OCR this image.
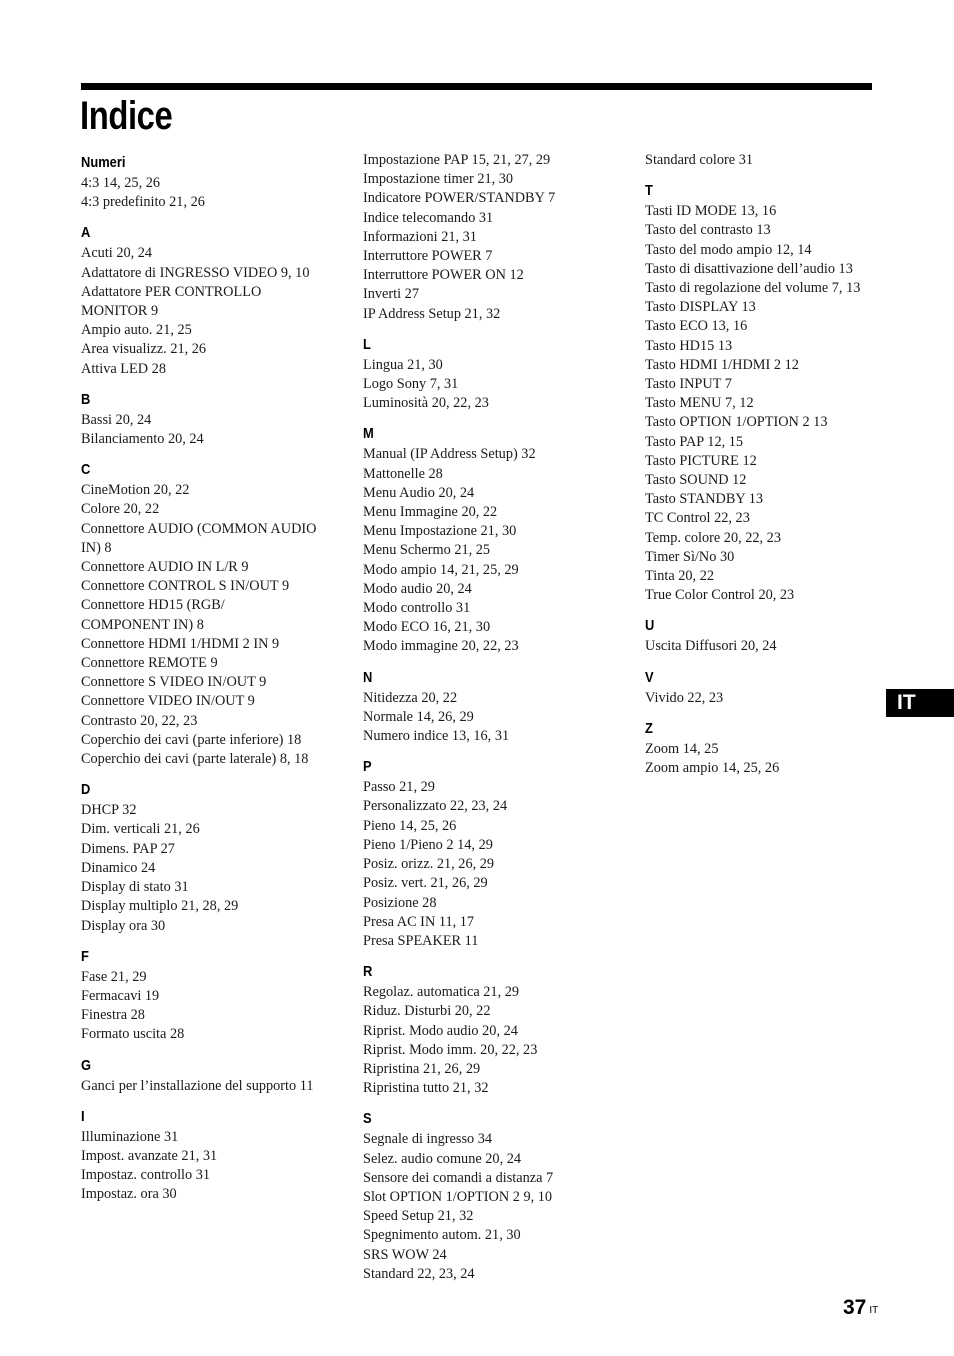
Indice
Numeri
4:3 14, 25, 26
4:3 predefinito 21, 26
A
Acuti 20, 24
Adattatore di INGRESSO VIDEO 9, 10
Adattatore PER CONTROLLO MONITOR 9
Ampio auto. 21, 25
Area visualizz. 21, 26
Attiva LED 28
B
Bassi 20, 24
Bilanciamento 20, 24
C
CineMotion 20, 22
Colore 20, 22
Connettore AUDIO (COMMON AUDIO IN) 8
Connettore AUDIO IN L/R 9
Connettore CONTROL S IN/OUT 9
Connettore HD15 (RGB/ COMPONENT IN) 8
Connettore HDMI 1/HDMI 2 IN 9
Connettore REMOTE 9
Connettore S VIDEO IN/OUT 9
Connettore VIDEO IN/OUT 9
Contrasto 20, 22, 23
Coperchio dei cavi (parte inferiore) 18
Coperchio dei cavi (parte laterale) 8, 18
D
DHCP 32
Dim. verticali 21, 26
Dimens. PAP 27
Dinamico 24
Display di stato 31
Display multiplo 21, 28, 29
Display ora 30
F
Fase 21, 29
Fermacavi 19
Finestra 28
Formato uscita 28
G
Ganci per l’installazione del supporto 11
I
Illuminazione 31
Impost. avanzate 21, 31
Impostaz. controllo 31
Impostaz. ora 30
Impostazione PAP 15, 21, 27, 29
Impostazione timer 21, 30
Indicatore POWER/STANDBY 7
Indice telecomando 31
Informazioni 21, 31
Interruttore POWER 7
Interruttore POWER ON 12
Inverti 27
IP Address Setup 21, 32
L
Lingua 21, 30
Logo Sony 7, 31
Luminosità 20, 22, 23
M
Manual (IP Address Setup) 32
Mattonelle 28
Menu Audio 20, 24
Menu Immagine 20, 22
Menu Impostazione 21, 30
Menu Schermo 21, 25
Modo ampio 14, 21, 25, 29
Modo audio 20, 24
Modo controllo 31
Modo ECO 16, 21, 30
Modo immagine 20, 22, 23
N
Nitidezza 20, 22
Normale 14, 26, 29
Numero indice 13, 16, 31
P
Passo 21, 29
Personalizzato 22, 23, 24
Pieno 14, 25, 26
Pieno 1/Pieno 2 14, 29
Posiz. orizz. 21, 26, 29
Posiz. vert. 21, 26, 29
Posizione 28
Presa AC IN 11, 17
Presa SPEAKER 11
R
Regolaz. automatica 21, 29
Riduz. Disturbi 20, 22
Riprist. Modo audio 20, 24
Riprist. Modo imm. 20, 22, 23
Ripristina 21, 26, 29
Ripristina tutto 21, 32
S
Segnale di ingresso 34
Selez. audio comune 20, 24
Sensore dei comandi a distanza 7
Slot OPTION 1/OPTION 2 9, 10
Speed Setup 21, 32
Spegnimento autom. 21, 30
SRS WOW 24
Standard 22, 23, 24
Standard colore 31
T
Tasti ID MODE 13, 16
Tasto del contrasto 13
Tasto del modo ampio 12, 14
Tasto di disattivazione dell’audio 13
Tasto di regolazione del volume 7, 13
Tasto DISPLAY 13
Tasto ECO 13, 16
Tasto HD15 13
Tasto HDMI 1/HDMI 2 12
Tasto INPUT 7
Tasto MENU 7, 12
Tasto OPTION 1/OPTION 2 13
Tasto PAP 12, 15
Tasto PICTURE 12
Tasto SOUND 12
Tasto STANDBY 13
TC Control 22, 23
Temp. colore 20, 22, 23
Timer Sì/No 30
Tinta 20, 22
True Color Control 20, 23
U
Uscita Diffusori 20, 24
V
Vivido 22, 23
Z
Zoom 14, 25
Zoom ampio 14, 25, 26
IT
37 IT
